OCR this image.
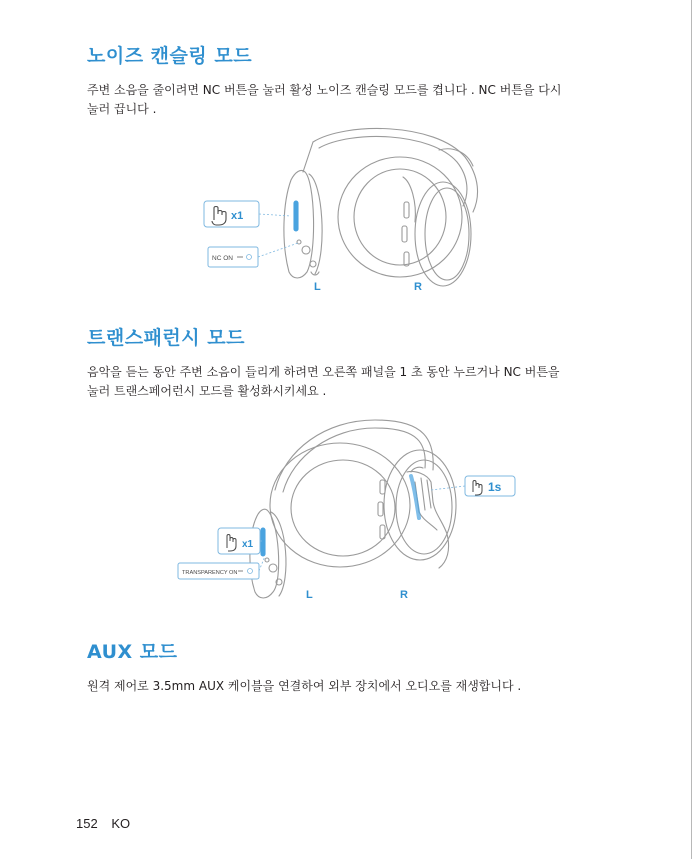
노이즈 캔슬링 모드
주변 소음을 줄이려면 NC 버튼을 눌러 활성 노이즈 캔슬링 모드를 켭니다 . NC 버튼을 다시
눌러 끕니다 .
x1
NC ON
L	R
트랜스패런시 모드
음악을 듣는 동안 주변 소음이 들리게 하려면 오른쪽 패널을 1 초 동안 누르거나 NC 버튼을
눌러 트랜스페어런시 모드를 활성화시키세요 .
1s
x1
TRANSPARENCY ON
L	R
AUX 모드
원격 제어로 3.5mm AUX 케이블을 연결하여 외부 장치에서 오디오를 재생합니다 .
152 KO
